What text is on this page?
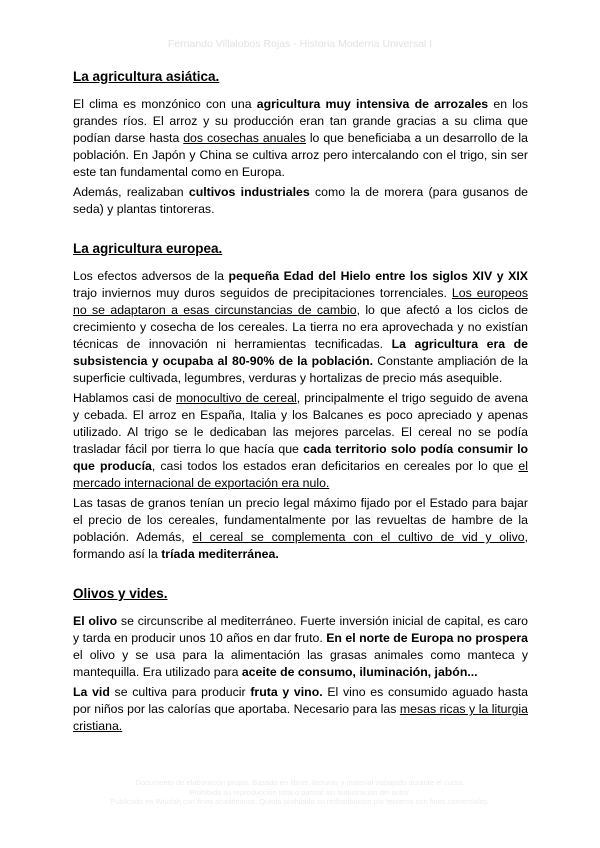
Fernando Villalobos Rojas - Historia Moderna Universal I
La agricultura asiática.

El clima es monzónico con una agricultura muy intensiva de arrozales en los grandes ríos. El arroz y su producción eran tan grande gracias a su clima que podían darse hasta dos cosechas anuales lo que beneficiaba a un desarrollo de la población. En Japón y China se cultiva arroz pero intercalando con el trigo, sin ser este tan fundamental como en Europa.

Además, realizaban cultivos industriales como la de morera (para gusanos de seda) y plantas tintoreras.

La agricultura europea.

Los efectos adversos de la pequeña Edad del Hielo entre los siglos XIV y XIX trajo inviernos muy duros seguidos de precipitaciones torrenciales. Los europeos no se adaptaron a esas circunstancias de cambio, lo que afectó a los ciclos de crecimiento y cosecha de los cereales. La tierra no era aprovechada y no existían técnicas de innovación ni herramientas tecnificadas. La agricultura era de subsistencia y ocupaba al 80-90% de la población. Constante ampliación de la superficie cultivada, legumbres, verduras y hortalizas de precio más asequible.

Hablamos casi de monocultivo de cereal, principalmente el trigo seguido de avena y cebada. El arroz en España, Italia y los Balcanes es poco apreciado y apenas utilizado. Al trigo se le dedicaban las mejores parcelas. El cereal no se podía trasladar fácil por tierra lo que hacía que cada territorio solo podía consumir lo que producía, casi todos los estados eran deficitarios en cereales por lo que el mercado internacional de exportación era nulo.

Las tasas de granos tenían un precio legal máximo fijado por el Estado para bajar el precio de los cereales, fundamentalmente por las revueltas de hambre de la población. Además, el cereal se complementa con el cultivo de vid y olivo, formando así la tríada mediterránea.

Olivos y vides.

El olivo se circunscribe al mediterráneo. Fuerte inversión inicial de capital, es caro y tarda en producir unos 10 años en dar fruto. En el norte de Europa no prospera el olivo y se usa para la alimentación las grasas animales como manteca y mantequilla. Era utilizado para aceite de consumo, iluminación, jabón...

La vid se cultiva para producir fruta y vino. El vino es consumido aguado hasta por niños por las calorías que aportaba. Necesario para las mesas ricas y la liturgia cristiana.

Documento de elaboración propia. Basado en libros, lecturas y material trabajado durante el curso.
Prohibida su reproducción total o parcial sin autorización del autor.
Publicado en Wuolah con fines académicos. Queda prohibida su redistribución por terceros con fines comerciales.
